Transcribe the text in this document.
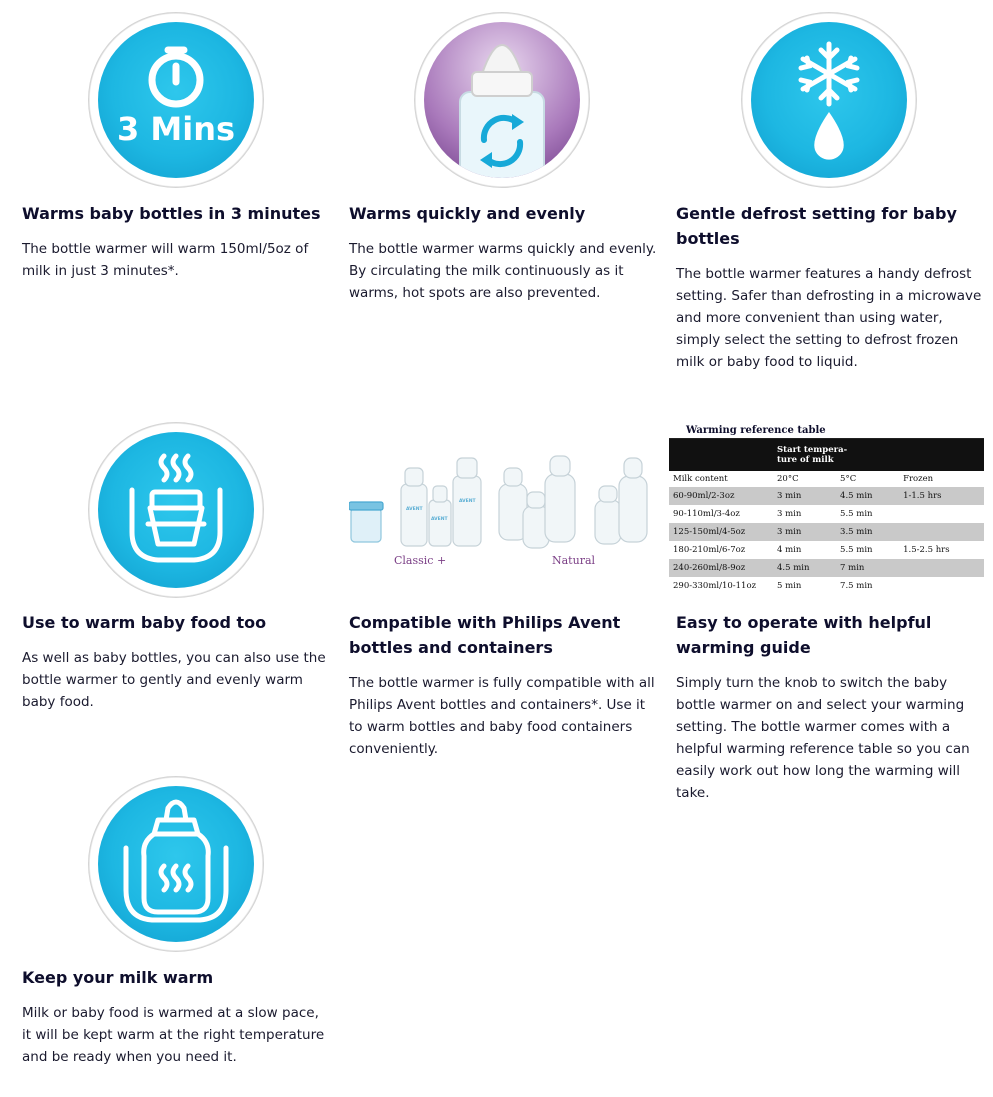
3 Mins
Warms baby bottles in 3 minutes

The bottle warmer will warm 150ml/5oz of milk in just 3 minutes*.

Warms quickly and evenly

The bottle warmer warms quickly and evenly. By circulating the milk continuously as it warms, hot spots are also prevented.

Gentle defrost setting for baby bottles

The bottle warmer features a handy defrost setting. Safer than defrosting in a microwave and more convenient than using water, simply select the setting to defrost frozen milk or baby food to liquid.

Use to warm baby food too

As well as baby bottles, you can also use the bottle warmer to gently and evenly warm baby food.

AVENT
AVENT
AVENT
Classic +	Natural
Compatible with Philips Avent bottles and containers

The bottle warmer is fully compatible with all Philips Avent bottles and containers*. Use it to warm bottles and baby food containers conveniently.

Warming reference table
	Start tempera-
ture of milk		
Milk content	20°C	5°C	Frozen
60-90ml/2-3oz	3 min	4.5 min	1-1.5 hrs
90-110ml/3-4oz	3 min	5.5 min	
125-150ml/4-5oz	3 min	3.5 min	
180-210ml/6-7oz	4 min	5.5 min	1.5-2.5 hrs
240-260ml/8-9oz	4.5 min	7 min	
290-330ml/10-11oz	5 min	7.5 min	
Easy to operate with helpful warming guide

Simply turn the knob to switch the baby bottle warmer on and select your warming setting. The bottle warmer comes with a helpful warming reference table so you can easily work out how long the warming will take.

Keep your milk warm

Milk or baby food is warmed at a slow pace, it will be kept warm at the right temperature and be ready when you need it.
